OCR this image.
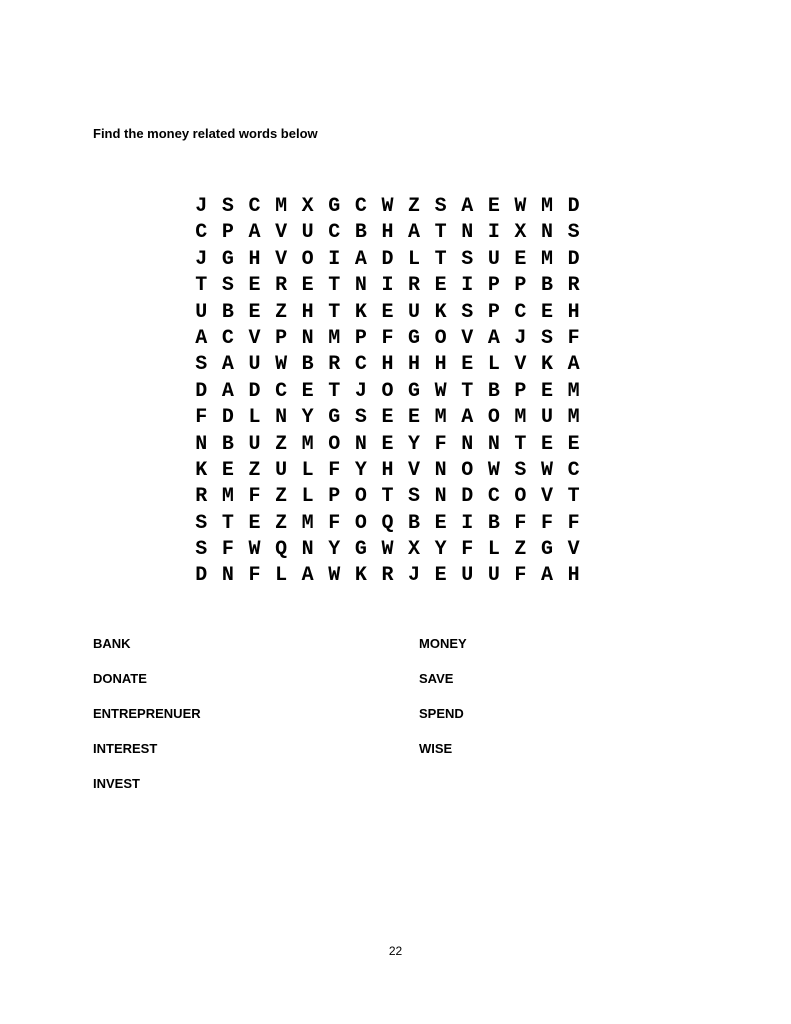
Find the money related words below

J S C M X G C W Z S A E W M D
C P A V U C B H A T N I X N S
J G H V O I A D L T S U E M D
T S E R E T N I R E I P P B R
U B E Z H T K E U K S P C E H
A C V P N M P F G O V A J S F
S A U W B R C H H H E L V K A
D A D C E T J O G W T B P E M
F D L N Y G S E E M A O M U M
N B U Z M O N E Y F N N T E E
K E Z U L F Y H V N O W S W C
R M F Z L P O T S N D C O V T
S T E Z M F O Q B E I B F F F
S F W Q N Y G W X Y F L Z G V
D N F L A W K R J E U U F A H
BANK
DONATE
ENTREPRENUER
INTEREST
INVEST
MONEY
SAVE
SPEND
WISE
22
